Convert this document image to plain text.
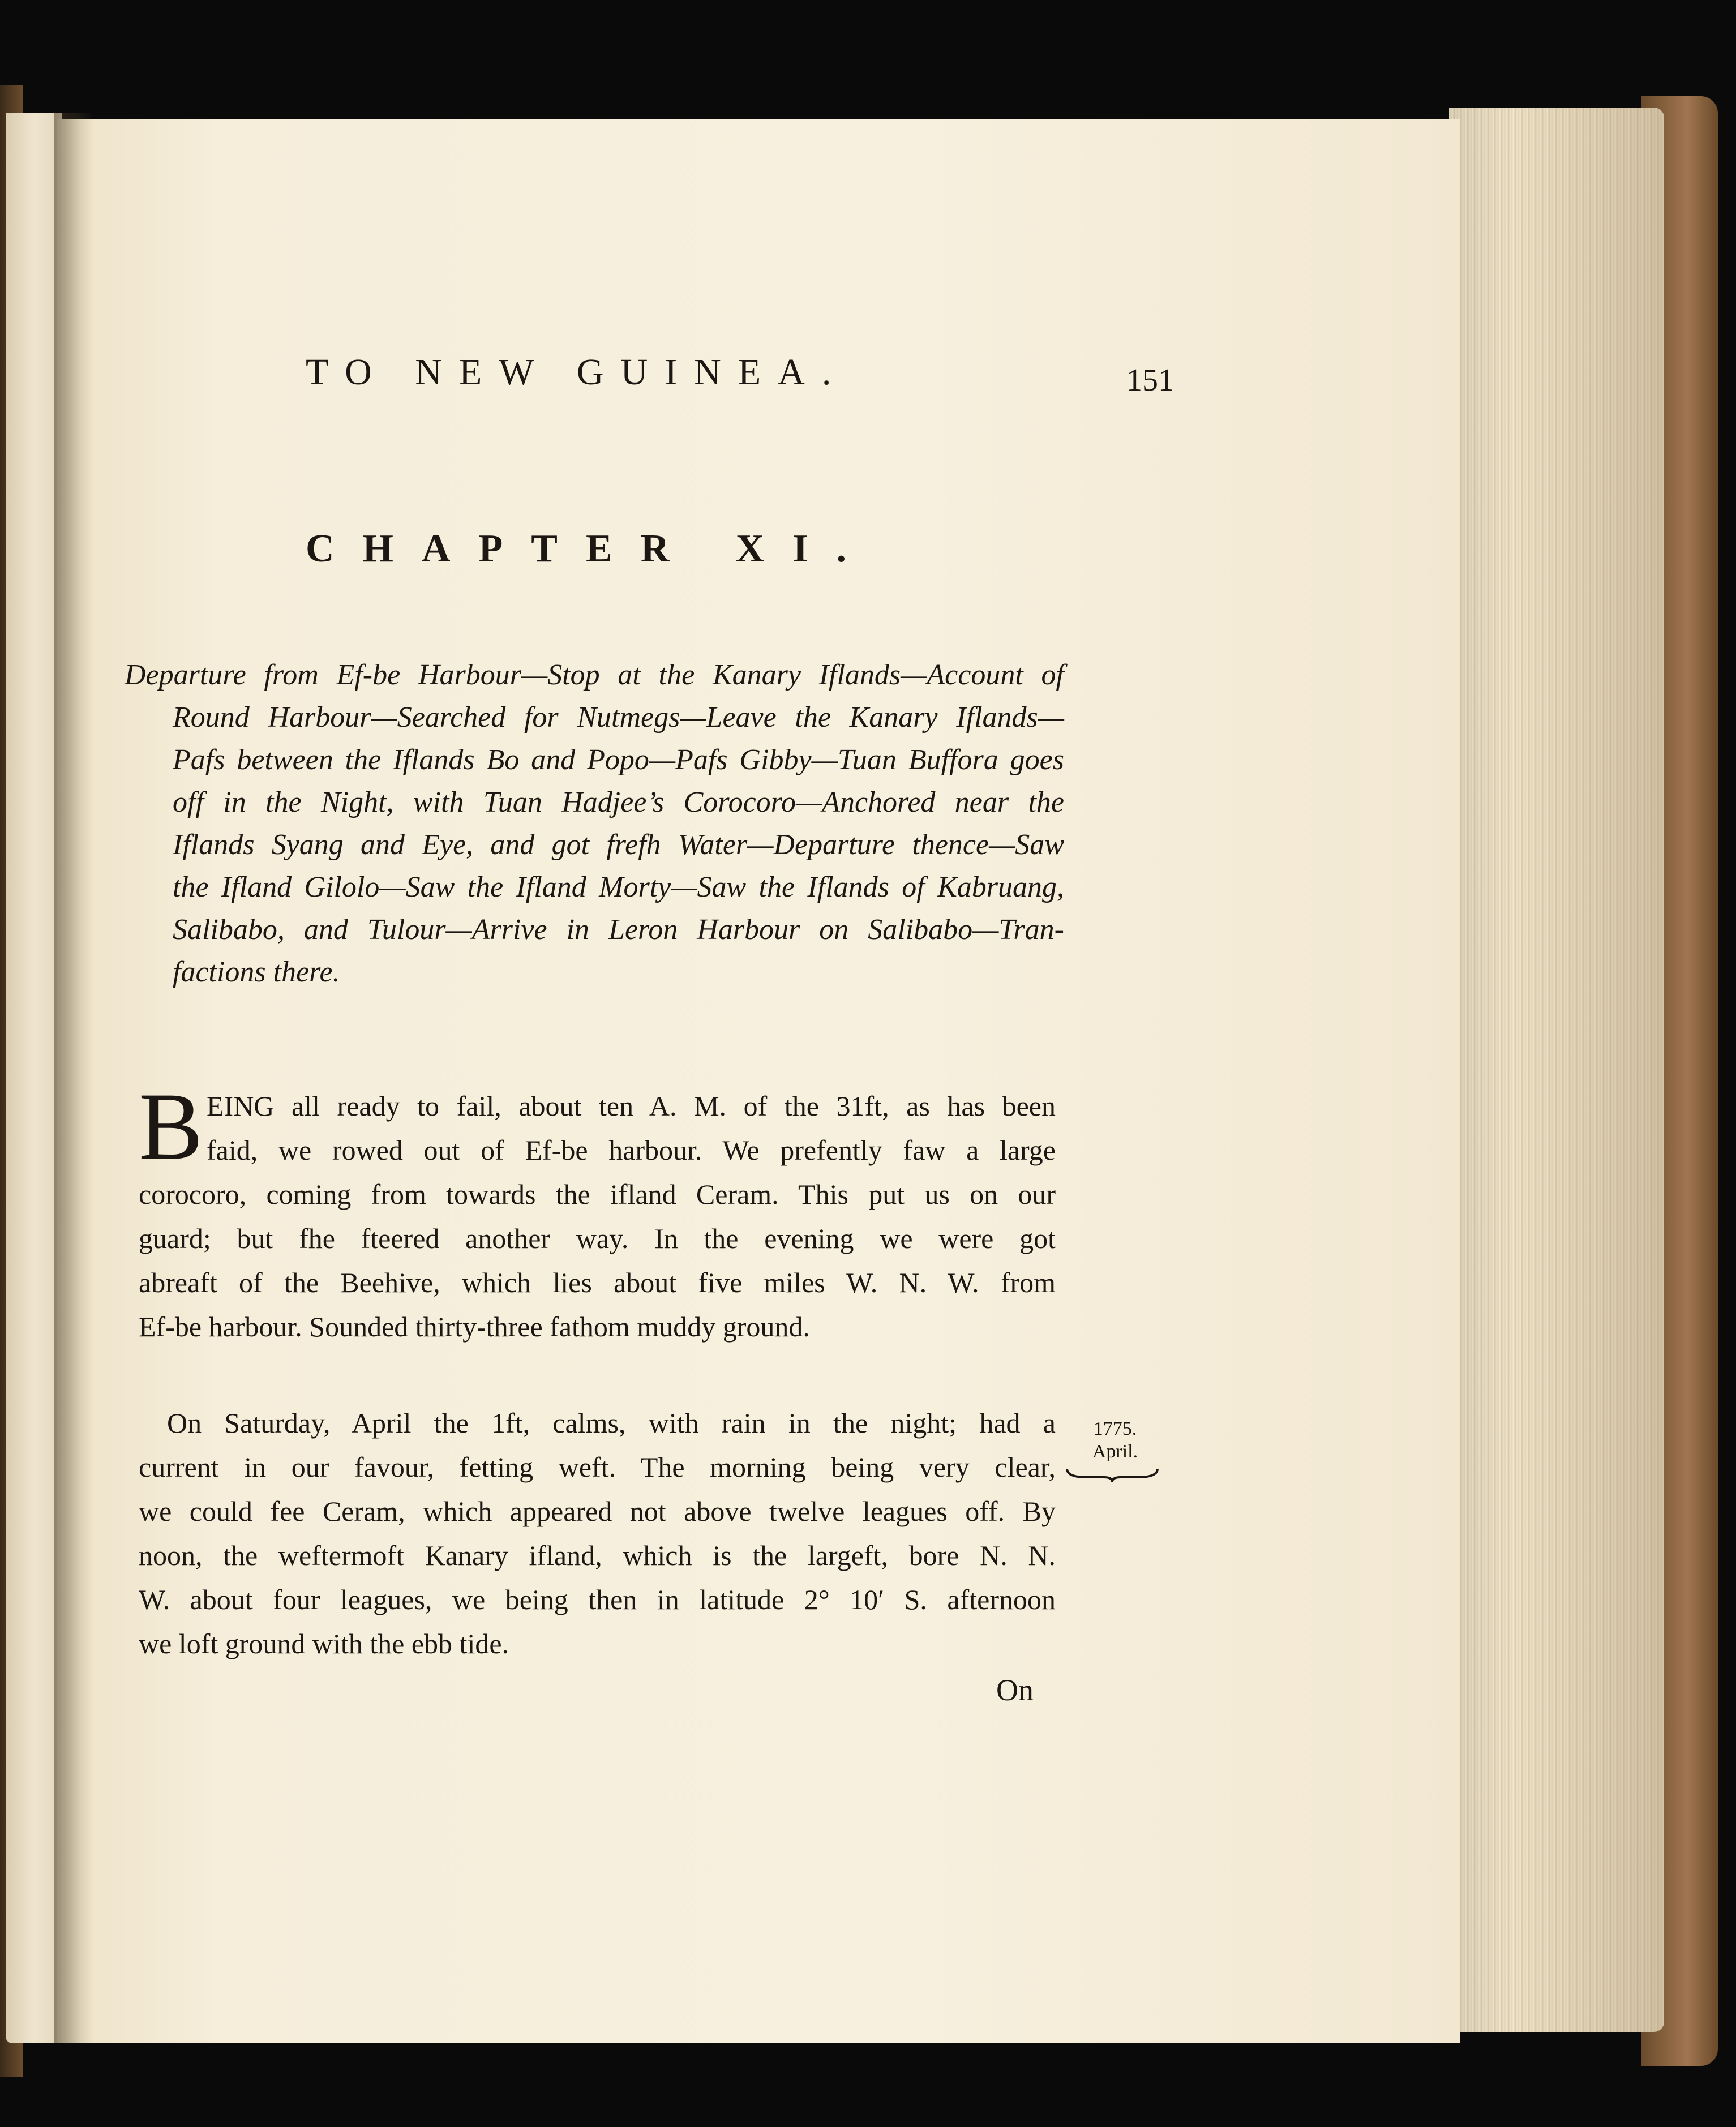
TO NEW GUINEA.	151
CHAPTER XI.
Departure from Ef-be Harbour—Stop at the Kanary Iflands—Account of
Round Harbour—Searched for Nutmegs—Leave the Kanary Iflands—
Pafs between the Iflands Bo and Popo—Pafs Gibby—Tuan Buffora goes
off in the Night, with Tuan Hadjee’s Corocoro—Anchored near the
Iflands Syang and Eye, and got frefh Water—Departure thence—Saw
the Ifland Gilolo—Saw the Ifland Morty—Saw the Iflands of Kabruang,
Salibabo, and Tulour—Arrive in Leron Harbour on Salibabo—Tran-
factions there.
B EING all ready to fail, about ten A. M. of the 31ft, as has been
faid, we rowed out of Ef-be harbour. We prefently faw a large
corocoro, coming from towards the ifland Ceram. This put us on our
guard; but fhe fteered another way. In the evening we were got
abreaft of the Beehive, which lies about five miles W. N. W. from
Ef-be harbour. Sounded thirty-three fathom muddy ground.
On Saturday, April the 1ft, calms, with rain in the night; had a
current in our favour, fetting weft. The morning being very clear,
we could fee Ceram, which appeared not above twelve leagues off. By
noon, the weftermoft Kanary ifland, which is the largeft, bore N. N.
W. about four leagues, we being then in latitude 2° 10′ S. afternoon
we loft ground with the ebb tide.
1775.
April.
On
